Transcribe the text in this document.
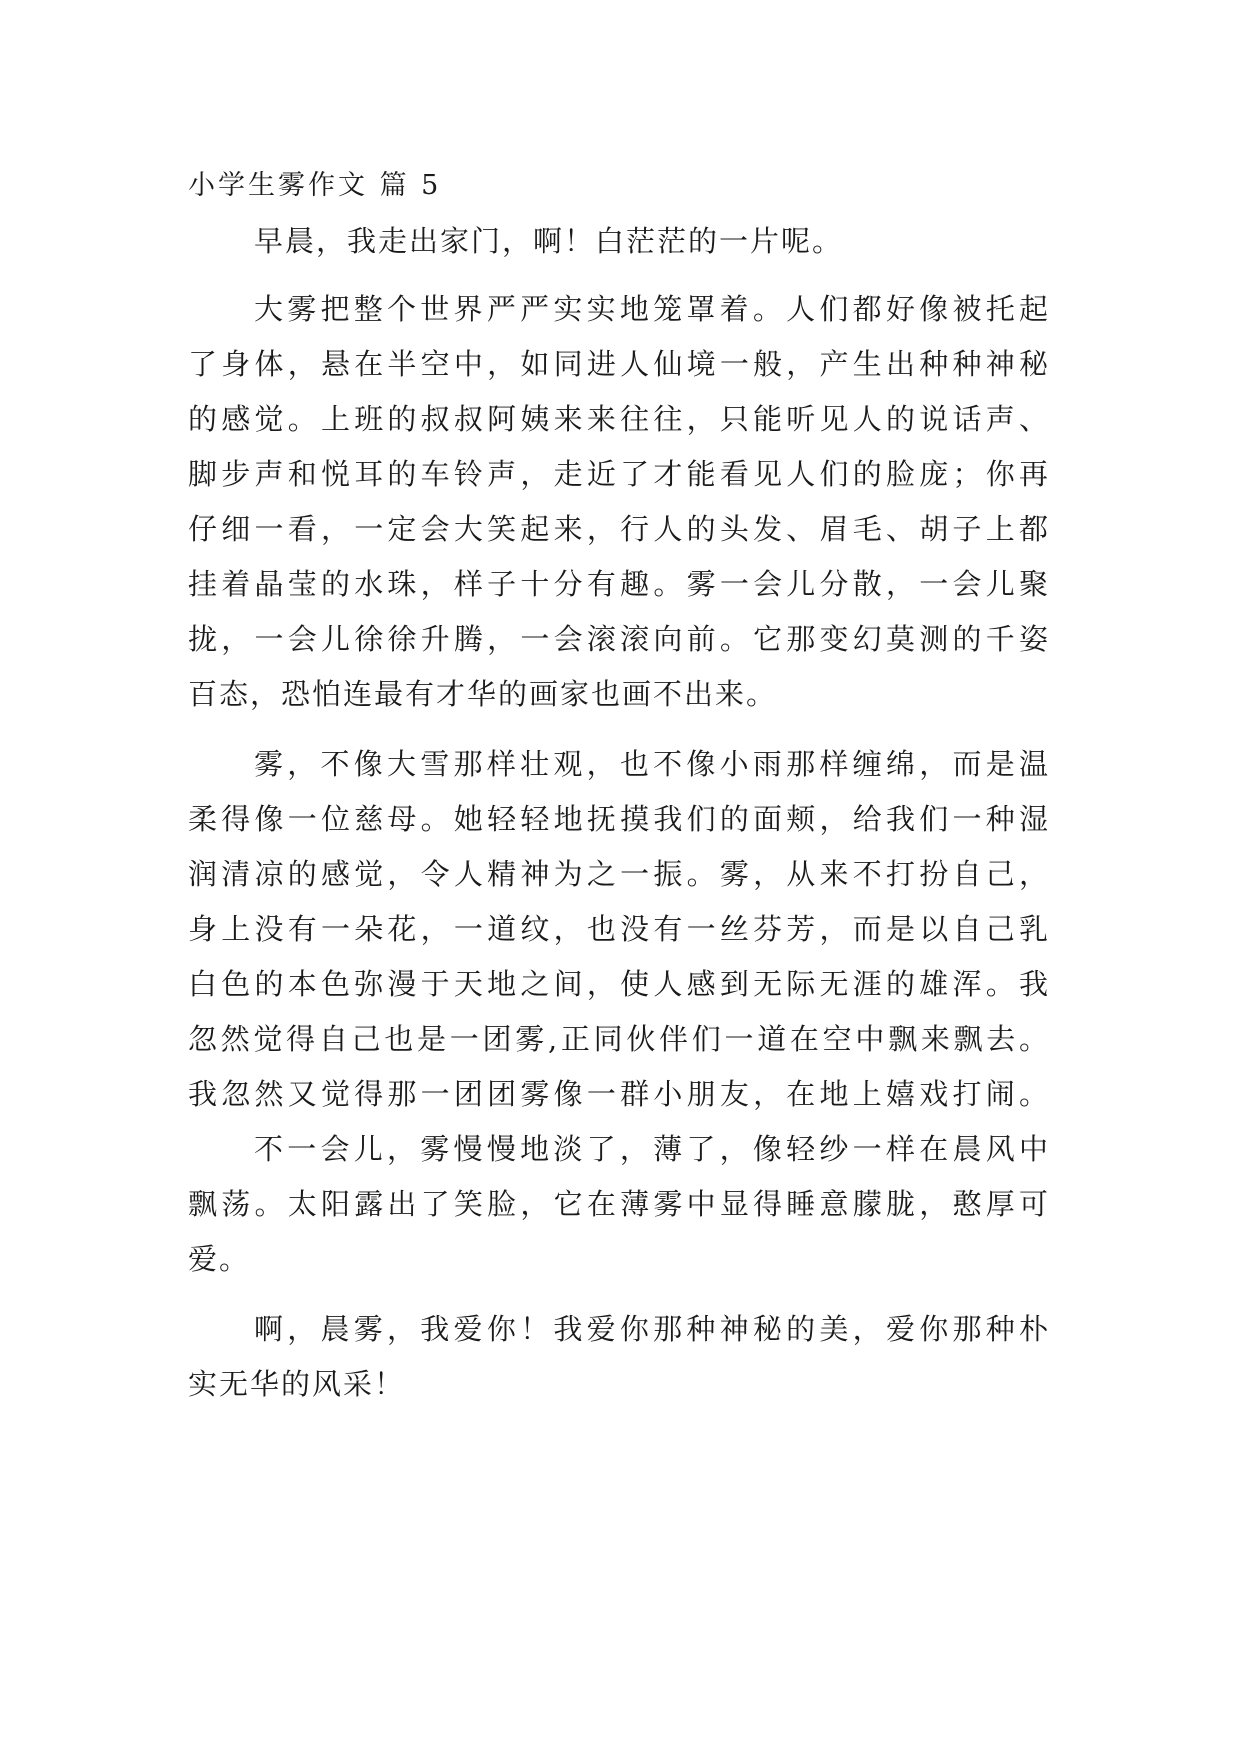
小学生雾作文 篇 5

早晨，我走出家门，啊！白茫茫的一片呢。

大雾把整个世界严严实实地笼罩着。人们都好像被托起

了身体，悬在半空中，如同进人仙境一般，产生出种种神秘

的感觉。上班的叔叔阿姨来来往往，只能听见人的说话声、

脚步声和悦耳的车铃声，走近了才能看见人们的脸庞；你再

仔细一看，一定会大笑起来，行人的头发、眉毛、胡子上都

挂着晶莹的水珠，样子十分有趣。雾一会儿分散，一会儿聚

拢，一会儿徐徐升腾，一会滚滚向前。它那变幻莫测的千姿

百态，恐怕连最有才华的画家也画不出来。

雾，不像大雪那样壮观，也不像小雨那样缠绵，而是温

柔得像一位慈母。她轻轻地抚摸我们的面颊，给我们一种湿

润清凉的感觉，令人精神为之一振。雾，从来不打扮自己，

身上没有一朵花，一道纹，也没有一丝芬芳，而是以自己乳

白色的本色弥漫于天地之间，使人感到无际无涯的雄浑。我

忽然觉得自己也是一团雾,正同伙伴们一道在空中飘来飘去。

我忽然又觉得那一团团雾像一群小朋友，在地上嬉戏打闹。

不一会儿，雾慢慢地淡了，薄了，像轻纱一样在晨风中

飘荡。太阳露出了笑脸，它在薄雾中显得睡意朦胧，憨厚可

爱。

啊，晨雾，我爱你！我爱你那种神秘的美，爱你那种朴

实无华的风采！
